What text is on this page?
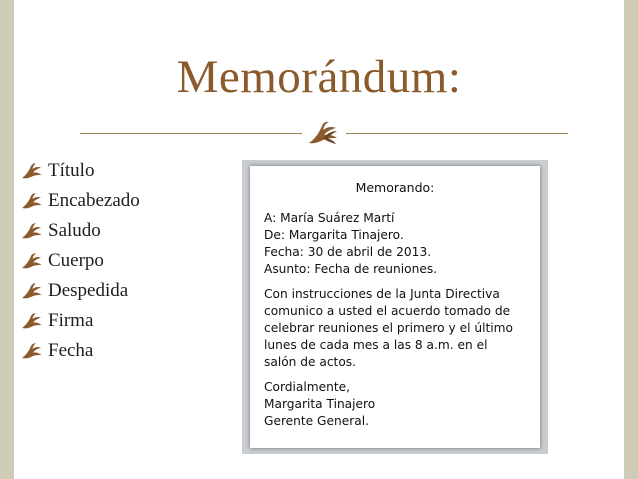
Memorándum:
Título
Encabezado
Saludo
Cuerpo
Despedida
Firma
Fecha
Memorando:
A: María Suárez Martí
De: Margarita Tinajero.
Fecha: 30 de abril de 2013.
Asunto: Fecha de reuniones.
Con instrucciones de la Junta Directiva
comunico a usted el acuerdo tomado de
celebrar reuniones el primero y el último
lunes de cada mes a las 8 a.m. en el
salón de actos.
Cordialmente,
Margarita Tinajero
Gerente General.
